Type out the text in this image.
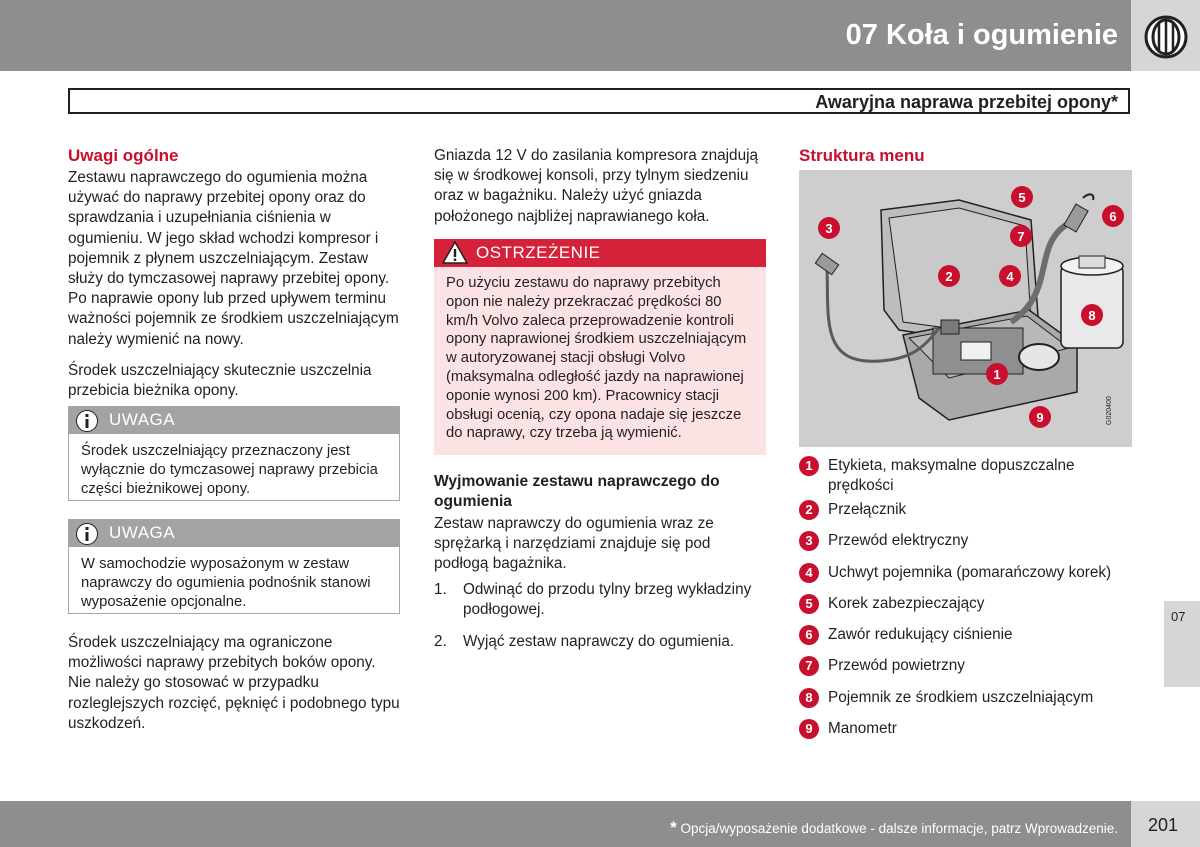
07 Koła i ogumienie
Awaryjna naprawa przebitej opony*
Uwagi ogólne

Zestawu naprawczego do ogumienia można używać do naprawy przebitej opony oraz do sprawdzania i uzupełniania ciśnienia w ogumieniu. W jego skład wchodzi kompresor i pojemnik z płynem uszczelniającym. Zestaw służy do tymczasowej naprawy przebitej opony. Po naprawie opony lub przed upływem terminu ważności pojemnik ze środkiem uszczelniającym należy wymienić na nowy.

Środek uszczelniający skutecznie uszczelnia przebicia bieżnika opony.

UWAGA
Środek uszczelniający przeznaczony jest wyłącznie do tymczasowej naprawy przebicia części bieżnikowej opony.
UWAGA
W samochodzie wyposażonym w zestaw naprawczy do ogumienia podnośnik stanowi wyposażenie opcjonalne.
Środek uszczelniający ma ograniczone możliwości naprawy przebitych boków opony. Nie należy go stosować w przypadku rozleglejszych rozcięć, pęknięć i podobnego typu uszkodzeń.
Gniazda 12 V do zasilania kompresora znajdują się w środkowej konsoli, przy tylnym siedzeniu oraz w bagażniku. Należy użyć gniazda położonego najbliżej naprawianego koła.
OSTRZEŻENIE
Po użyciu zestawu do naprawy przebitych opon nie należy przekraczać prędkości 80 km/h Volvo zaleca przeprowadzenie kontroli opony naprawionej środkiem uszczelniającym w autoryzowanej stacji obsługi Volvo (maksymalna odległość jazdy na naprawionej oponie wynosi 200 km). Pracownicy stacji obsługi ocenią, czy opona nadaje się jeszcze do naprawy, czy trzeba ją wymienić.
Wyjmowanie zestawu naprawczego do ogumienia
Zestaw naprawczy do ogumienia wraz ze sprężarką i narzędziami znajduje się pod podłogą bagażnika.
1. Odwinąć do przodu tylny brzeg wykładziny podłogowej.
2. Wyjąć zestaw naprawczy do ogumienia.
Struktura menu
G020400
1
2
3
4
5
6
7
8
9
1	Etykieta, maksymalne dopuszczalne prędkości
2	Przełącznik
3	Przewód elektryczny
4	Uchwyt pojemnika (pomarańczowy korek)
5	Korek zabezpieczający
6	Zawór redukujący ciśnienie
7	Przewód powietrzny
8	Pojemnik ze środkiem uszczelniającym
9	Manometr
07
* Opcja/wyposażenie dodatkowe - dalsze informacje, patrz Wprowadzenie. 201
